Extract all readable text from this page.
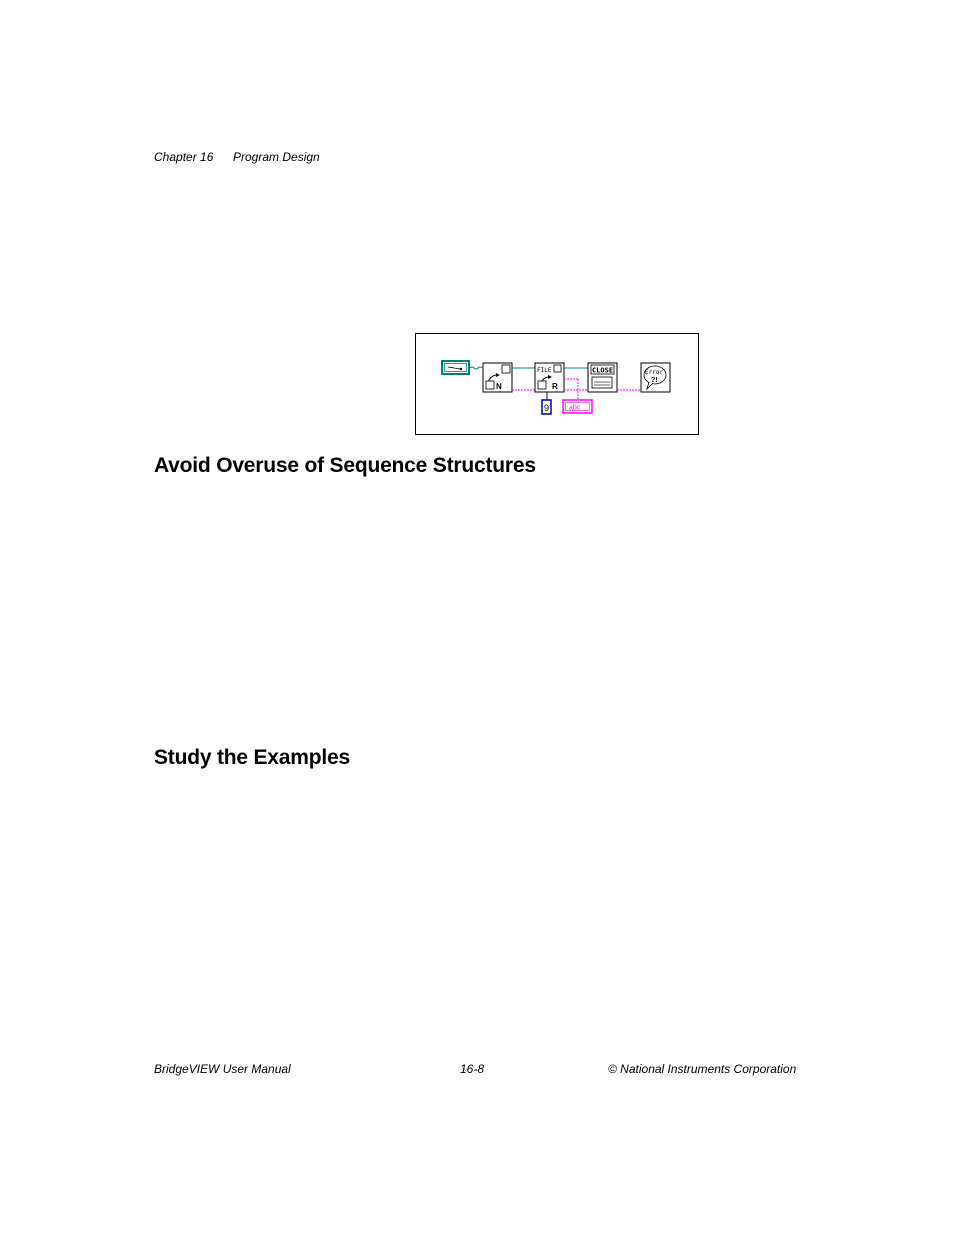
Chapter 16 Program Design
N
FILE
R
9	abc
CLOSE	Error
?!
Avoid Overuse of Sequence Structures
Study the Examples
BridgeVIEW User Manual	16-8	© National Instruments Corporation
